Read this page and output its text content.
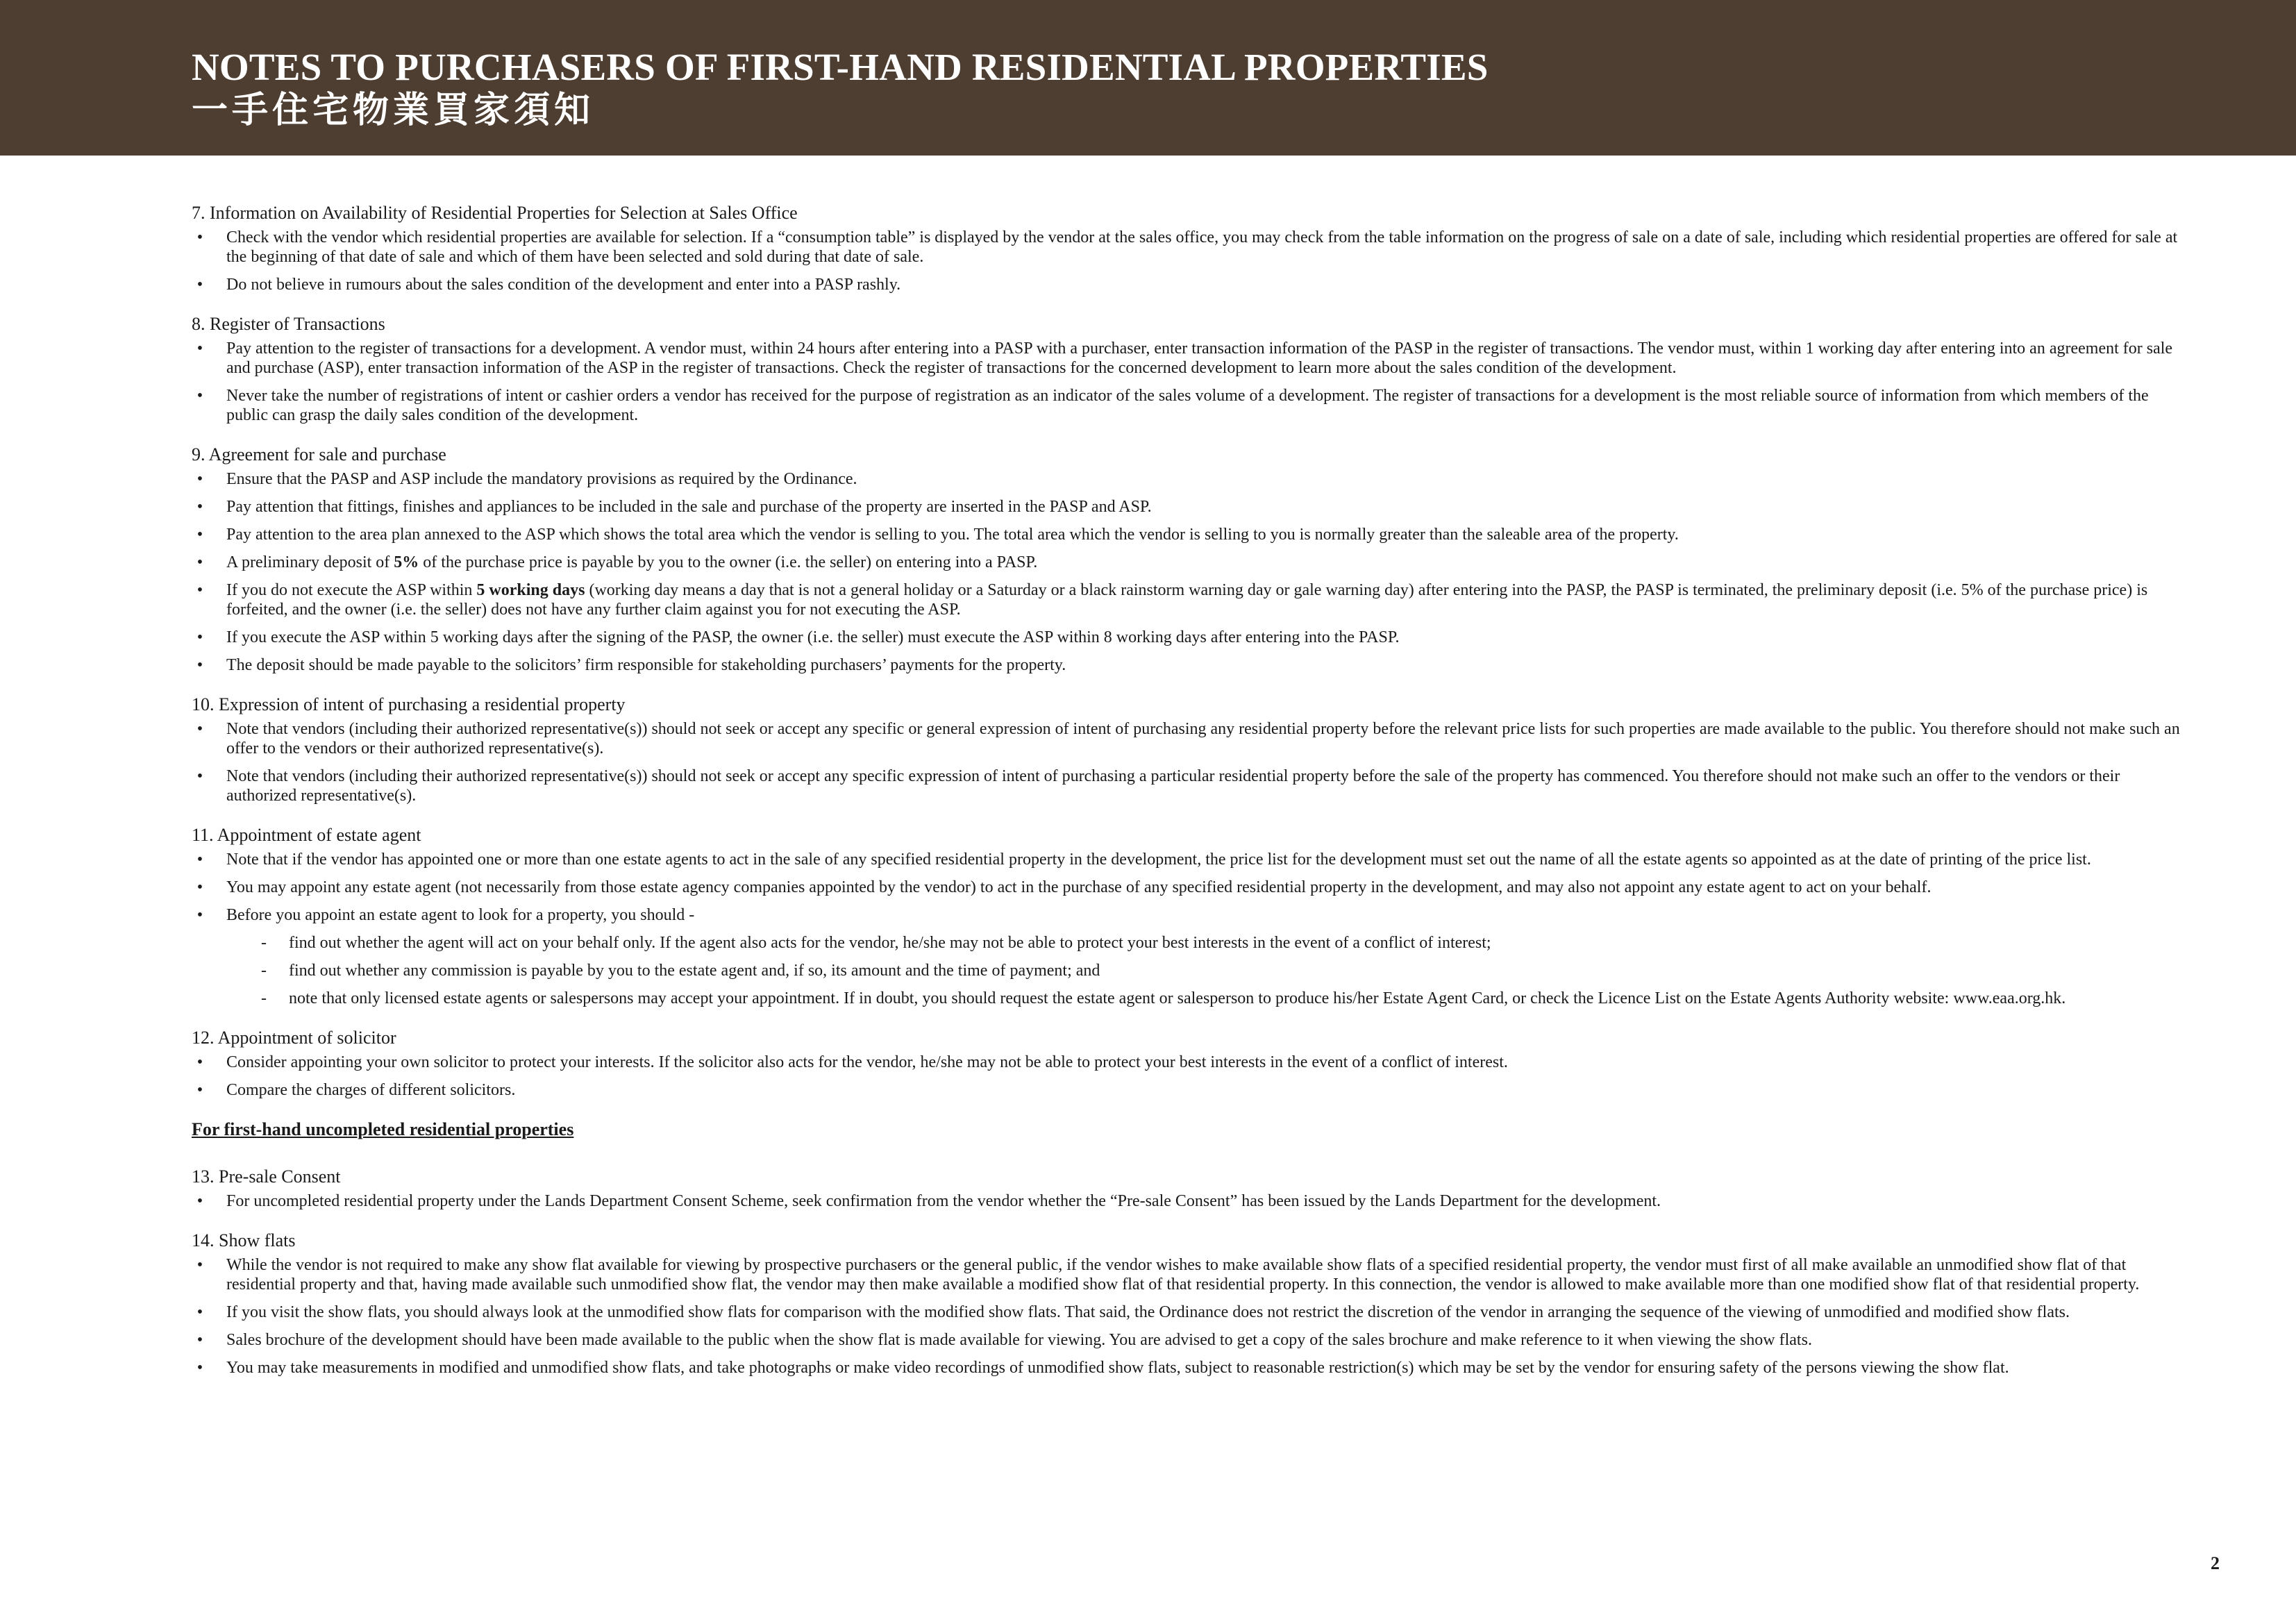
NOTES TO PURCHASERS OF FIRST-HAND RESIDENTIAL PROPERTIES
一手住宅物業買家須知
7. Information on Availability of Residential Properties for Selection at Sales Office
• Check with the vendor which residential properties are available for selection. If a “consumption table” is displayed by the vendor at the sales office, you may check from the table information on the progress of sale on a date of sale, including which residential properties are offered for sale at the beginning of that date of sale and which of them have been selected and sold during that date of sale.
• Do not believe in rumours about the sales condition of the development and enter into a PASP rashly.
8. Register of Transactions
• Pay attention to the register of transactions for a development. A vendor must, within 24 hours after entering into a PASP with a purchaser, enter transaction information of the PASP in the register of transactions. The vendor must, within 1 working day after entering into an agreement for sale and purchase (ASP), enter transaction information of the ASP in the register of transactions. Check the register of transactions for the concerned development to learn more about the sales condition of the development.
• Never take the number of registrations of intent or cashier orders a vendor has received for the purpose of registration as an indicator of the sales volume of a development. The register of transactions for a development is the most reliable source of information from which members of the public can grasp the daily sales condition of the development.
9. Agreement for sale and purchase
• Ensure that the PASP and ASP include the mandatory provisions as required by the Ordinance.
• Pay attention that fittings, finishes and appliances to be included in the sale and purchase of the property are inserted in the PASP and ASP.
• Pay attention to the area plan annexed to the ASP which shows the total area which the vendor is selling to you. The total area which the vendor is selling to you is normally greater than the saleable area of the property.
• A preliminary deposit of 5% of the purchase price is payable by you to the owner (i.e. the seller) on entering into a PASP.
• If you do not execute the ASP within 5 working days (working day means a day that is not a general holiday or a Saturday or a black rainstorm warning day or gale warning day) after entering into the PASP, the PASP is terminated, the preliminary deposit (i.e. 5% of the purchase price) is forfeited, and the owner (i.e. the seller) does not have any further claim against you for not executing the ASP.
• If you execute the ASP within 5 working days after the signing of the PASP, the owner (i.e. the seller) must execute the ASP within 8 working days after entering into the PASP.
• The deposit should be made payable to the solicitors’ firm responsible for stakeholding purchasers’ payments for the property.
10. Expression of intent of purchasing a residential property
• Note that vendors (including their authorized representative(s)) should not seek or accept any specific or general expression of intent of purchasing any residential property before the relevant price lists for such properties are made available to the public. You therefore should not make such an offer to the vendors or their authorized representative(s).
• Note that vendors (including their authorized representative(s)) should not seek or accept any specific expression of intent of purchasing a particular residential property before the sale of the property has commenced. You therefore should not make such an offer to the vendors or their authorized representative(s).
11. Appointment of estate agent
• Note that if the vendor has appointed one or more than one estate agents to act in the sale of any specified residential property in the development, the price list for the development must set out the name of all the estate agents so appointed as at the date of printing of the price list.
• You may appoint any estate agent (not necessarily from those estate agency companies appointed by the vendor) to act in the purchase of any specified residential property in the development, and may also not appoint any estate agent to act on your behalf.
• Before you appoint an estate agent to look for a property, you should -
- find out whether the agent will act on your behalf only. If the agent also acts for the vendor, he/she may not be able to protect your best interests in the event of a conflict of interest;
- find out whether any commission is payable by you to the estate agent and, if so, its amount and the time of payment; and
- note that only licensed estate agents or salespersons may accept your appointment. If in doubt, you should request the estate agent or salesperson to produce his/her Estate Agent Card, or check the Licence List on the Estate Agents Authority website: www.eaa.org.hk.
12. Appointment of solicitor
• Consider appointing your own solicitor to protect your interests. If the solicitor also acts for the vendor, he/she may not be able to protect your best interests in the event of a conflict of interest.
• Compare the charges of different solicitors.
For first-hand uncompleted residential properties
13. Pre-sale Consent
• For uncompleted residential property under the Lands Department Consent Scheme, seek confirmation from the vendor whether the “Pre-sale Consent” has been issued by the Lands Department for the development.
14. Show flats
• While the vendor is not required to make any show flat available for viewing by prospective purchasers or the general public, if the vendor wishes to make available show flats of a specified residential property, the vendor must first of all make available an unmodified show flat of that residential property and that, having made available such unmodified show flat, the vendor may then make available a modified show flat of that residential property. In this connection, the vendor is allowed to make available more than one modified show flat of that residential property.
• If you visit the show flats, you should always look at the unmodified show flats for comparison with the modified show flats. That said, the Ordinance does not restrict the discretion of the vendor in arranging the sequence of the viewing of unmodified and modified show flats.
• Sales brochure of the development should have been made available to the public when the show flat is made available for viewing. You are advised to get a copy of the sales brochure and make reference to it when viewing the show flats.
• You may take measurements in modified and unmodified show flats, and take photographs or make video recordings of unmodified show flats, subject to reasonable restriction(s) which may be set by the vendor for ensuring safety of the persons viewing the show flat.
2
